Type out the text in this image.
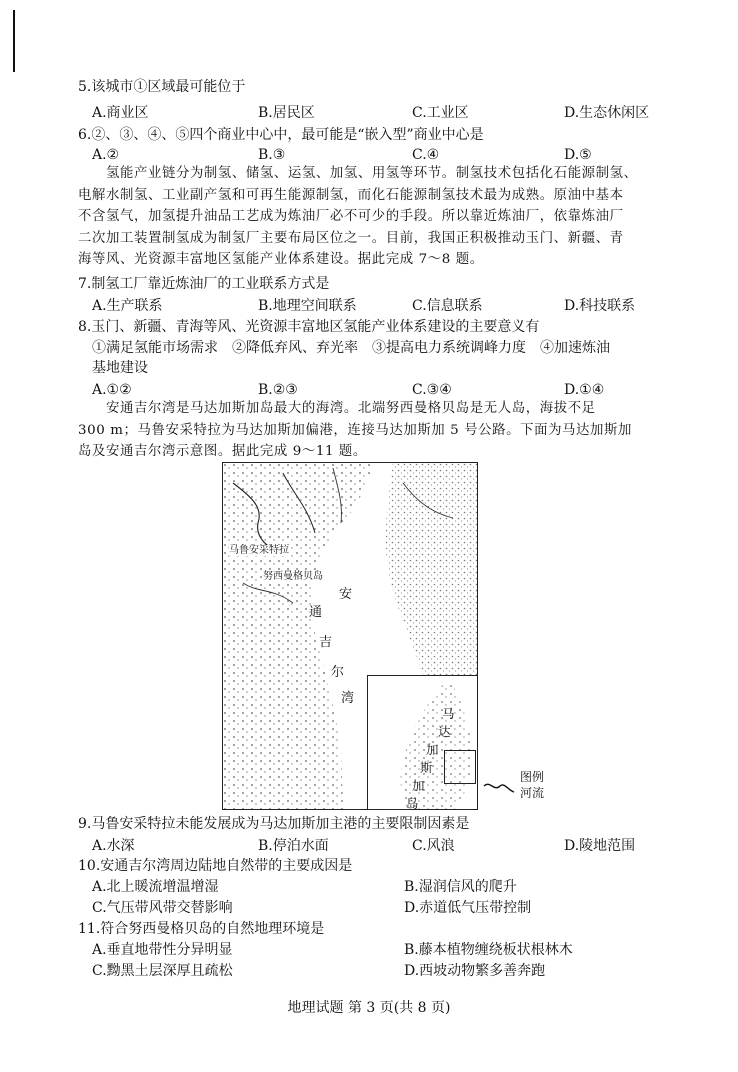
5.该城市①区域最可能位于
A.商业区	B.居民区	C.工业区	D.生态休闲区
6.②、③、④、⑤四个商业中心中，最可能是“嵌入型”商业中心是
A.②	B.③	C.④	D.⑤
氢能产业链分为制氢、储氢、运氢、加氢、用氢等环节。制氢技术包括化石能源制氢、
电解水制氢、工业副产氢和可再生能源制氢，而化石能源制氢技术最为成熟。原油中基本
不含氢气，加氢提升油品工艺成为炼油厂必不可少的手段。所以靠近炼油厂，依靠炼油厂
二次加工装置制氢成为制氢厂主要布局区位之一。目前，我国正积极推动玉门、新疆、青
海等风、光资源丰富地区氢能产业体系建设。据此完成 7～8 题。
7.制氢工厂靠近炼油厂的工业联系方式是
A.生产联系	B.地理空间联系	C.信息联系	D.科技联系
8.玉门、新疆、青海等风、光资源丰富地区氢能产业体系建设的主要意义有
①满足氢能市场需求　②降低弃风、弃光率　③提高电力系统调峰力度　④加速炼油
基地建设
A.①②	B.②③	C.③④	D.①④
安通吉尔湾是马达加斯加岛最大的海湾。北端努西曼格贝岛是无人岛，海拔不足
300 m；马鲁安采特拉为马达加斯加偏港，连接马达加斯加 5 号公路。下面为马达加斯加
岛及安通吉尔湾示意图。据此完成 9～11 题。
马鲁安采特拉
努西曼格贝岛
安
通
吉
尔
湾
马
达
加
斯
加
岛
图例
河流
9.马鲁安采特拉未能发展成为马达加斯加主港的主要限制因素是
A.水深	B.停泊水面	C.风浪	D.陵地范围
10.安通吉尔湾周边陆地自然带的主要成因是
A.北上暖流增温增湿	B.湿润信风的爬升
C.气压带风带交替影响	D.赤道低气压带控制
11.符合努西曼格贝岛的自然地理环境是
A.垂直地带性分异明显	B.藤本植物缠绕板状根林木
C.黝黑土层深厚且疏松	D.西坡动物繁多善奔跑
地理试题 第 3 页(共 8 页)
